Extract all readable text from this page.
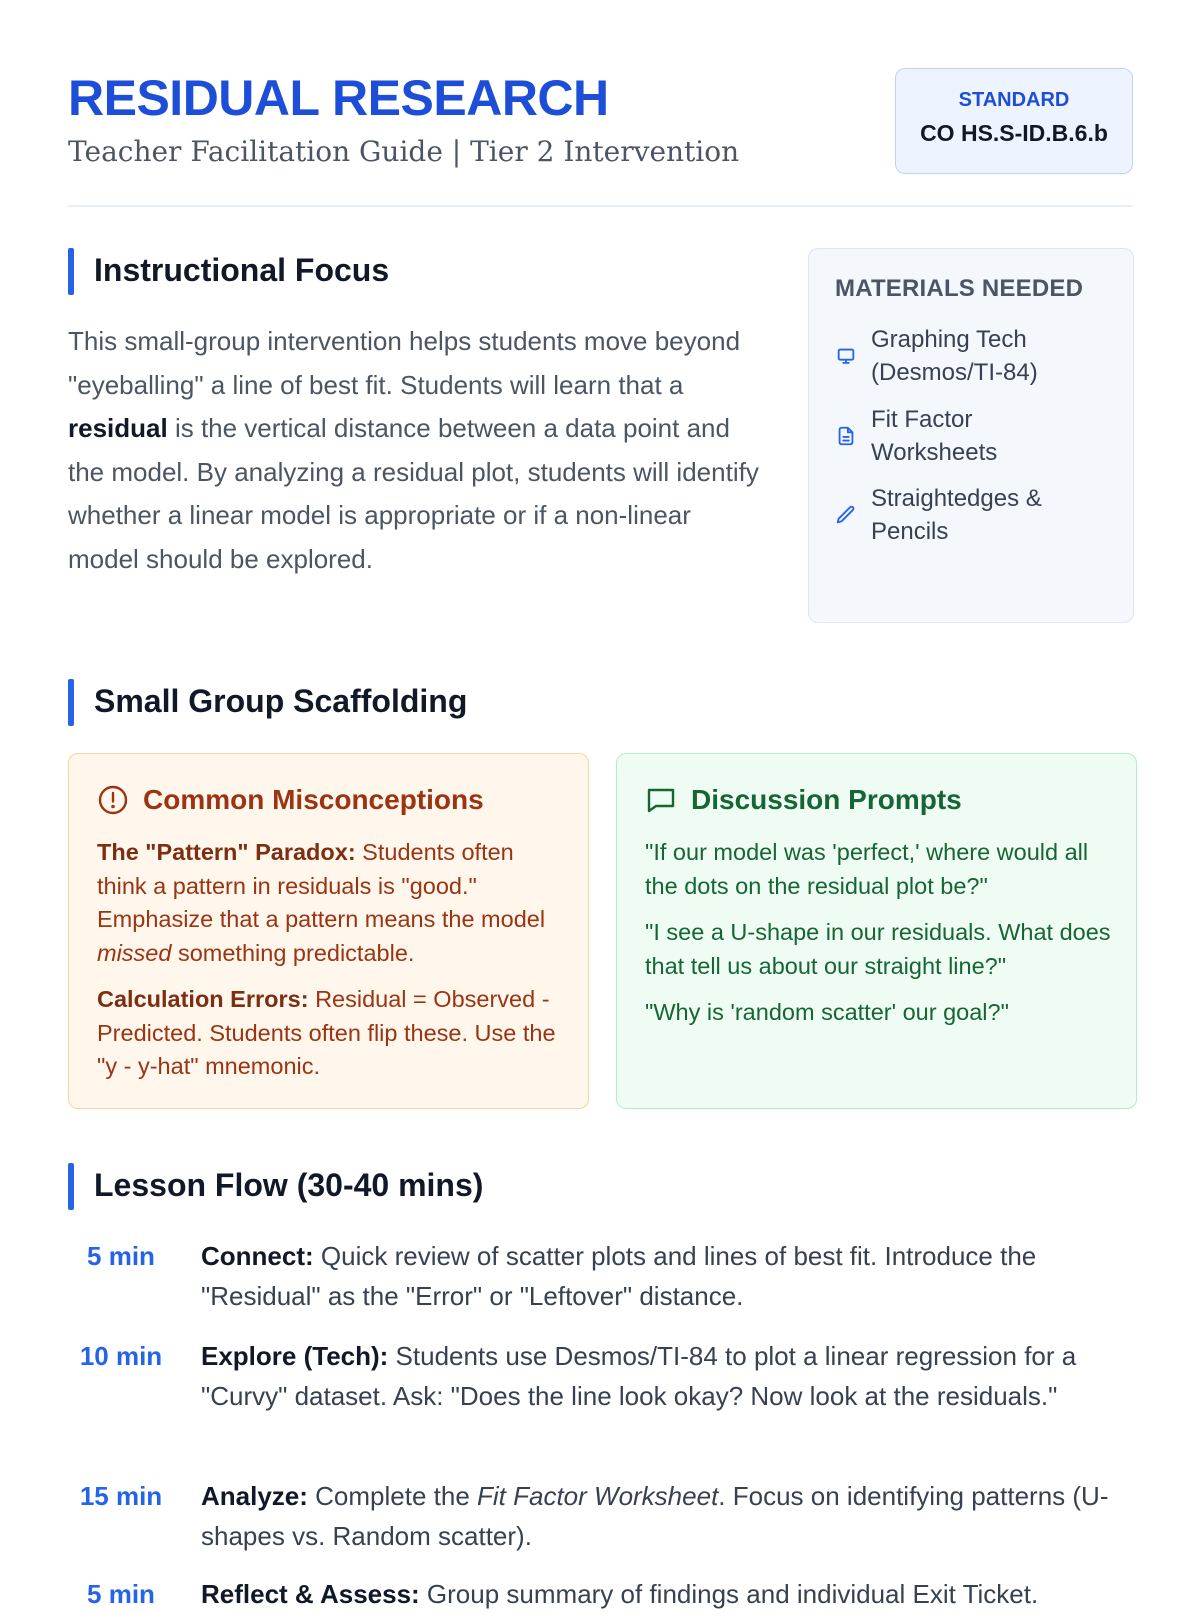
RESIDUAL RESEARCH
Teacher Facilitation Guide | Tier 2 Intervention
STANDARD
CO HS.S-ID.B.6.b
Instructional Focus
This small-group intervention helps students move beyond "eyeballing" a line of best fit. Students will learn that a residual is the vertical distance between a data point and the model. By analyzing a residual plot, students will identify whether a linear model is appropriate or if a non-linear model should be explored.
MATERIALS NEEDED
Graphing Tech (Desmos/TI-84)
Fit Factor Worksheets
Straightedges & Pencils
Small Group Scaffolding
Common Misconceptions

The "Pattern" Paradox: Students often think a pattern in residuals is "good." Emphasize that a pattern means the model missed something predictable.

Calculation Errors: Residual = Observed - Predicted. Students often flip these. Use the "y - y-hat" mnemonic.

Discussion Prompts

"If our model was 'perfect,' where would all the dots on the residual plot be?"

"I see a U-shape in our residuals. What does that tell us about our straight line?"

"Why is 'random scatter' our goal?"

Lesson Flow (30-40 mins)
5 min	Connect: Quick review of scatter plots and lines of best fit. Introduce the "Residual" as the "Error" or "Leftover" distance.
10 min	Explore (Tech): Students use Desmos/TI-84 to plot a linear regression for a "Curvy" dataset. Ask: "Does the line look okay? Now look at the residuals."
15 min	Analyze: Complete the Fit Factor Worksheet. Focus on identifying patterns (U-shapes vs. Random scatter).
5 min	Reflect & Assess: Group summary of findings and individual Exit Ticket.
